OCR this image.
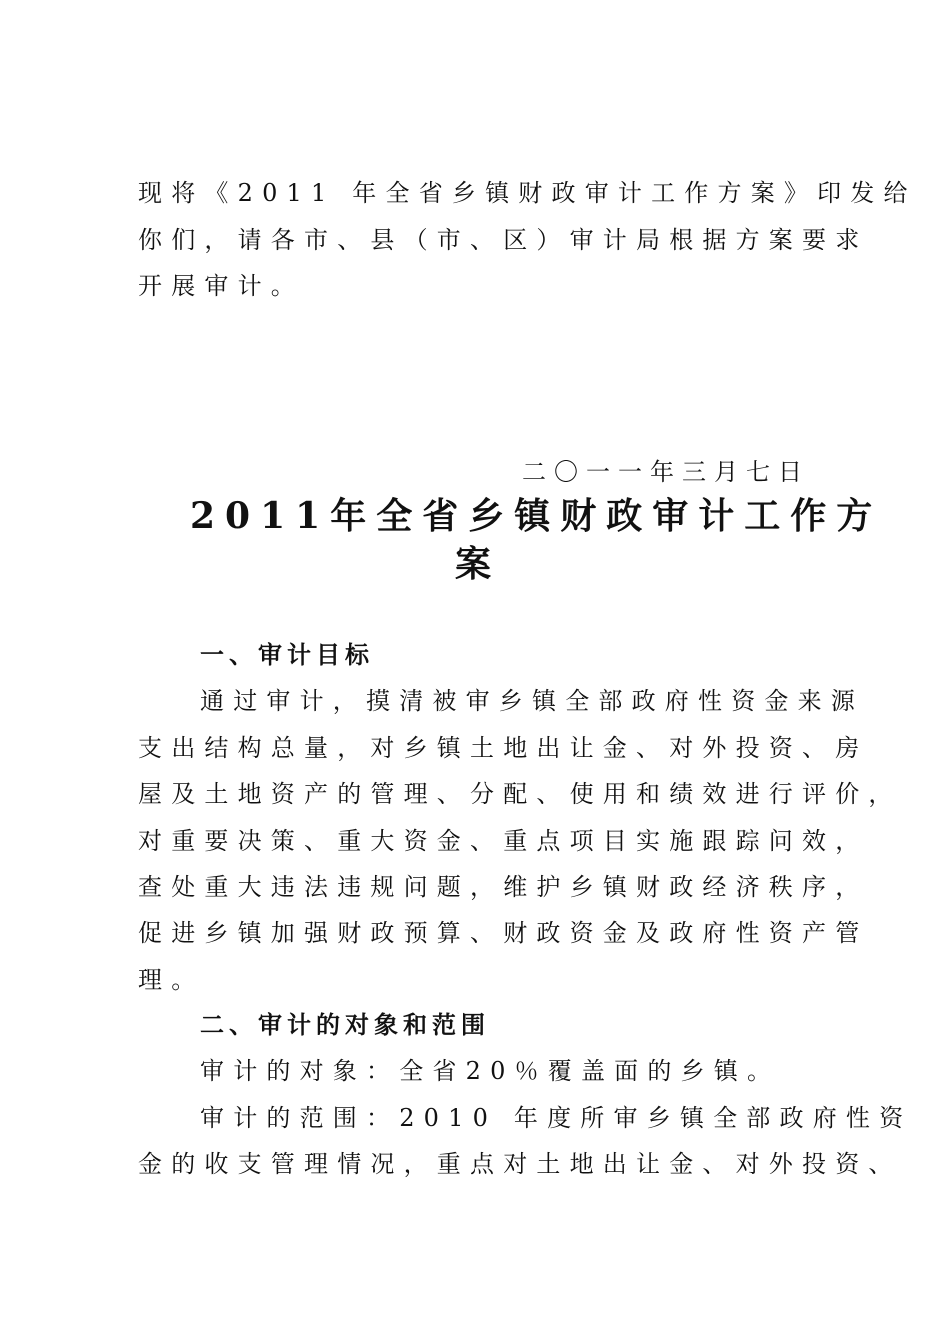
现将《2011 年全省乡镇财政审计工作方案》印发给
你们，请各市、县（市、区）审计局根据方案要求
开展审计。
二〇一一年三月七日
2011年全省乡镇财政审计工作方
案
一、审计目标
通过审计，摸清被审乡镇全部政府性资金来源
支出结构总量，对乡镇土地出让金、对外投资、房
屋及土地资产的管理、分配、使用和绩效进行评价，
对重要决策、重大资金、重点项目实施跟踪问效，
查处重大违法违规问题，维护乡镇财政经济秩序，
促进乡镇加强财政预算、财政资金及政府性资产管
理。
二、审计的对象和范围
审计的对象：全省20％覆盖面的乡镇。
审计的范围：2010 年度所审乡镇全部政府性资
金的收支管理情况，重点对土地出让金、对外投资、
